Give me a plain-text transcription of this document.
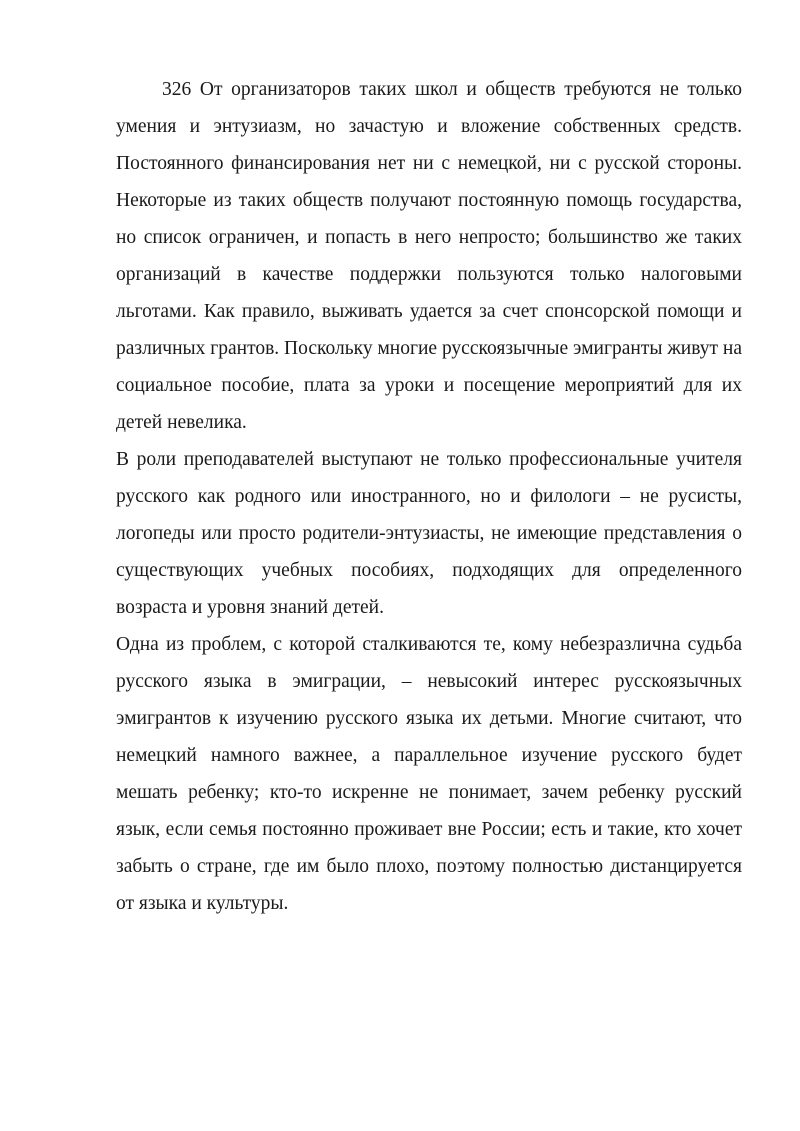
326 От организаторов таких школ и обществ требуются не только умения и энтузиазм, но зачастую и вложение собственных средств. Постоянного финансирования нет ни с немецкой, ни с русской стороны. Некоторые из таких обществ получают постоянную помощь государства, но список ограничен, и попасть в него непросто; большинство же таких организаций в качестве поддержки пользуются только налоговыми льготами. Как правило, выживать удается за счет спонсорской помощи и различных грантов. Поскольку многие русскоязычные эмигранты живут на социальное пособие, плата за уроки и посещение мероприятий для их детей невелика.

В роли преподавателей выступают не только профессиональные учителя русского как родного или иностранного, но и филологи – не русисты, логопеды или просто родители-энтузиасты, не имеющие представления о существующих учебных пособиях, подходящих для определенного возраста и уровня знаний детей.

Одна из проблем, с которой сталкиваются те, кому небезразлична судьба русского языка в эмиграции, – невысокий интерес русскоязычных эмигрантов к изучению русского языка их детьми. Многие считают, что немецкий намного важнее, а параллельное изучение русского будет мешать ребенку; кто-то искренне не понимает, зачем ребенку русский язык, если семья постоянно проживает вне России; есть и такие, кто хочет забыть о стране, где им было плохо, поэтому полностью дистанцируется от языка и культуры.
